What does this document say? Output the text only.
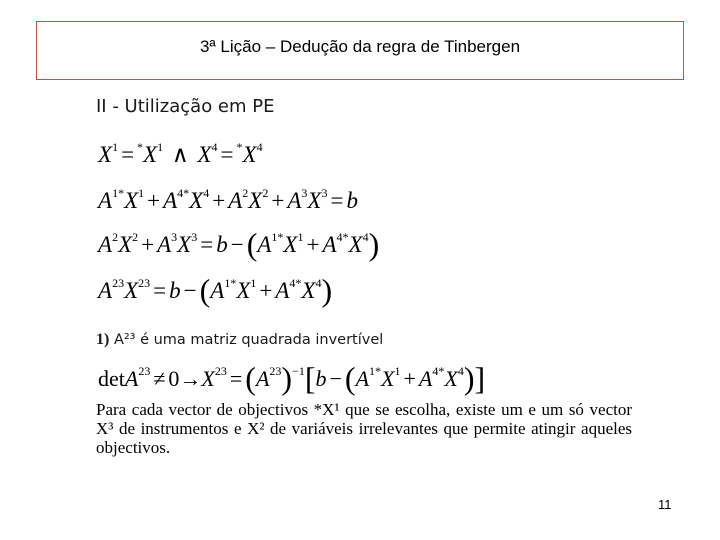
3ª Lição – Dedução da regra de Tinbergen
II - Utilização em PE
$X^1 = ^*X^1$ ∧ $X^4 = ^*X^4$
$A^{1*}X^1 + A^{4*}X^4 + A^2X^2 + A^3X^3 = b$
$A^2X^2 + A^3X^3 = b -(A^{1*}X^1 + A^{4*}X^4)$
$A^{23}X^{23} = b -(A^{1*}X^1 + A^{4*}X^4)$
1) A²³ é uma matriz quadrada invertível
$\det A^{23} \ne 0\to X^{23} =(A^{23})^{-1}[b -(A^{1*}X^1 + A^{4*}X^4)]$
Para cada vector de objectivos *X¹ que se escolha, existe um e um só vector X³ de instrumentos e X² de variáveis irrelevantes que permite atingir aqueles objectivos.
11
